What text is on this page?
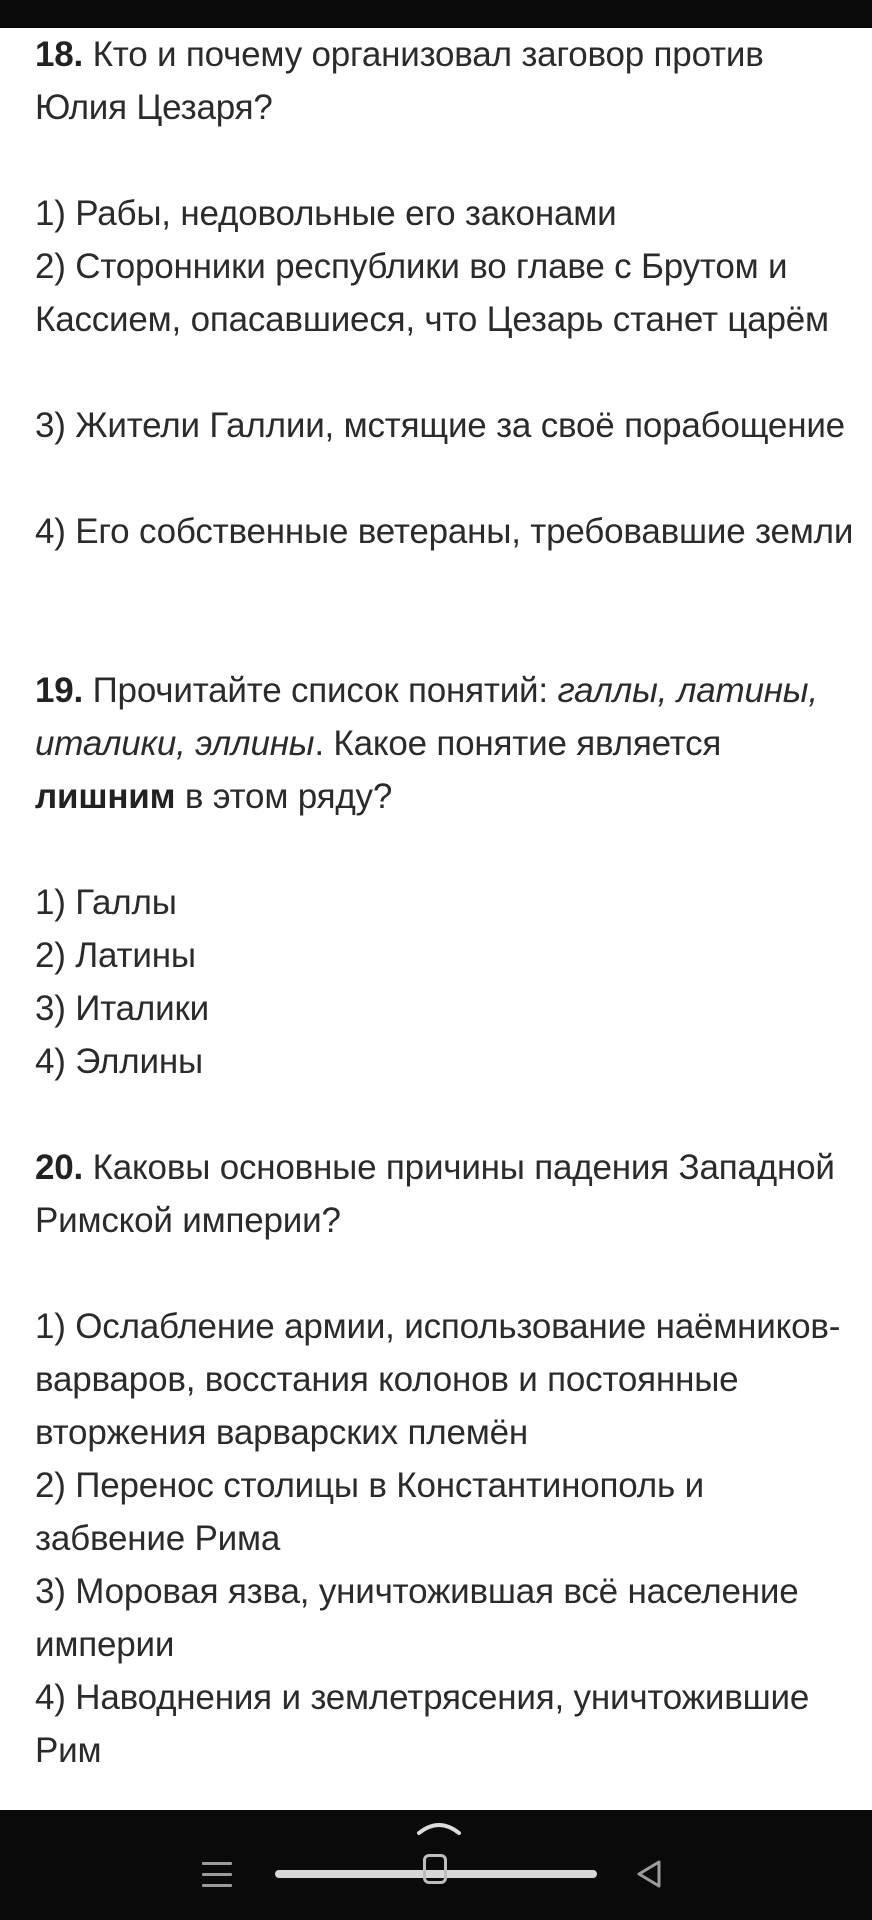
18. Кто и почему организовал заговор против Юлия Цезаря?

1) Рабы, недовольные его законами

2) Сторонники республики во главе с Брутом и Кассием, опасавшиеся, что Цезарь станет царём

3) Жители Галлии, мстящие за своё порабощение

4) Его собственные ветераны, требовавшие земли

19. Прочитайте список понятий: галлы, латины, италики, эллины. Какое понятие является лишним в этом ряду?

1) Галлы

2) Латины

3) Италики

4) Эллины

20. Каковы основные причины падения Западной Римской империи?

1) Ослабление армии, использование наёмников-варваров, восстания колонов и постоянные вторжения варварских племён

2) Перенос столицы в Константинополь и забвение Рима

3) Моровая язва, уничтожившая всё население империи

4) Наводнения и землетрясения, уничтожившие Рим
